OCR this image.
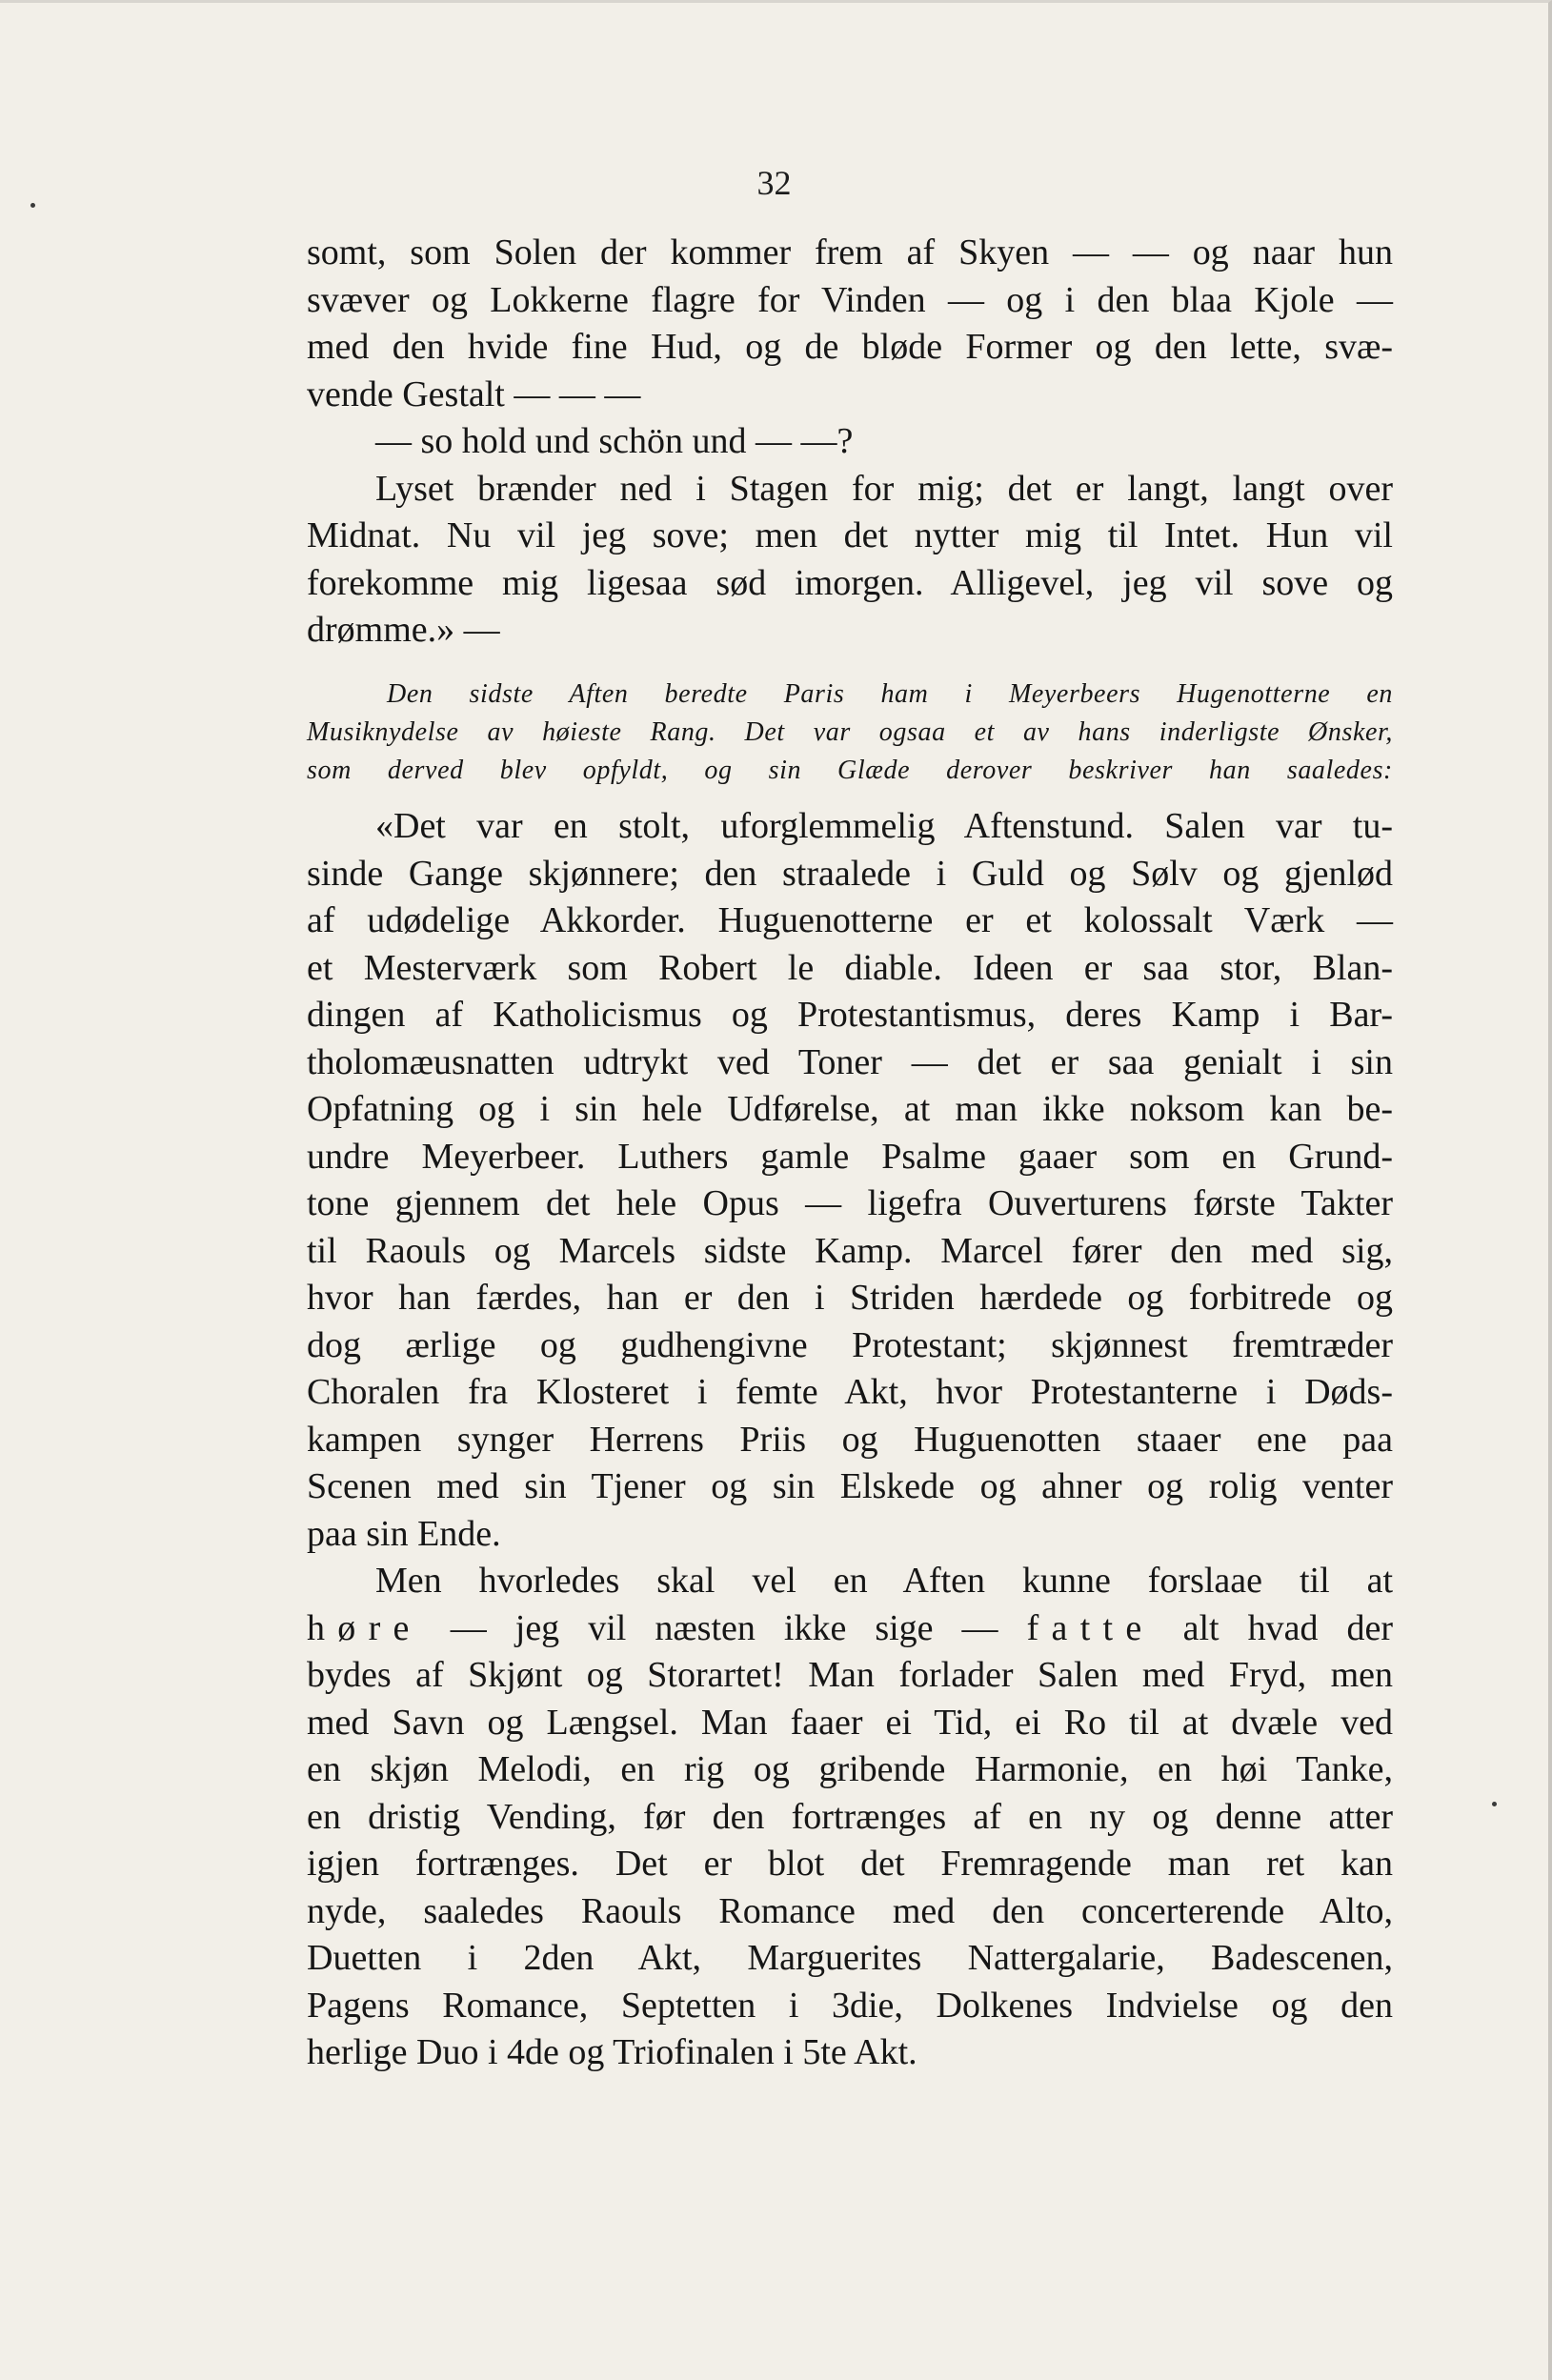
32
somt, som Solen der kommer frem af Skyen — — og naar hun
svæver og Lokkerne flagre for Vinden — og i den blaa Kjole —
med den hvide fine Hud, og de bløde Former og den lette, svæ-
vende Gestalt — — —
— so hold und schön und — —?
Lyset brænder ned i Stagen for mig; det er langt, langt over
Midnat. Nu vil jeg sove; men det nytter mig til Intet. Hun vil
forekomme mig ligesaa sød imorgen. Alligevel, jeg vil sove og
drømme.» —
Den sidste Aften beredte Paris ham i Meyerbeers Hugenotterne en
Musiknydelse av høieste Rang. Det var ogsaa et av hans inderligste Ønsker,
som derved blev opfyldt, og sin Glæde derover beskriver han saaledes:
«Det var en stolt, uforglemmelig Aftenstund. Salen var tu-
sinde Gange skjønnere; den straalede i Guld og Sølv og gjenlød
af udødelige Akkorder. Huguenotterne er et kolossalt Værk —
et Mesterværk som Robert le diable. Ideen er saa stor, Blan-
dingen af Katholicismus og Protestantismus, deres Kamp i Bar-
tholomæusnatten udtrykt ved Toner — det er saa genialt i sin
Opfatning og i sin hele Udførelse, at man ikke noksom kan be-
undre Meyerbeer. Luthers gamle Psalme gaaer som en Grund-
tone gjennem det hele Opus — ligefra Ouverturens første Takter
til Raouls og Marcels sidste Kamp. Marcel fører den med sig,
hvor han færdes, han er den i Striden hærdede og forbitrede og
dog ærlige og gudhengivne Protestant; skjønnest fremtræder
Choralen fra Klosteret i femte Akt, hvor Protestanterne i Døds-
kampen synger Herrens Priis og Huguenotten staaer ene paa
Scenen med sin Tjener og sin Elskede og ahner og rolig venter
paa sin Ende.
Men hvorledes skal vel en Aften kunne forslaae til at
høre — jeg vil næsten ikke sige — fatte alt hvad der
bydes af Skjønt og Storartet! Man forlader Salen med Fryd, men
med Savn og Længsel. Man faaer ei Tid, ei Ro til at dvæle ved
en skjøn Melodi, en rig og gribende Harmonie, en høi Tanke,
en dristig Vending, før den fortrænges af en ny og denne atter
igjen fortrænges. Det er blot det Fremragende man ret kan
nyde, saaledes Raouls Romance med den concerterende Alto,
Duetten i 2den Akt, Marguerites Nattergalarie, Badescenen,
Pagens Romance, Septetten i 3die, Dolkenes Indvielse og den
herlige Duo i 4de og Triofinalen i 5te Akt.
